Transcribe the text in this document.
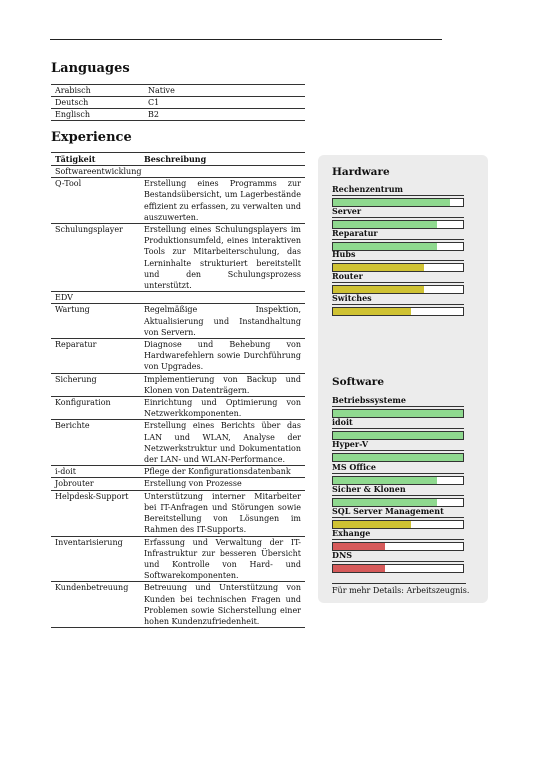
Languages
Arabisch	Native
Deutsch	C1
Englisch	B2
Experience
Tätigkeit	Beschreibung
Softwareentwicklung
Q-Tool	Erstellung eines Programms zur Bestandsübersicht, um Lagerbestände effizient zu erfassen, zu verwalten und auszuwerten.
Schulungsplayer	Erstellung eines Schulungsplayers im Produktionsumfeld, eines interaktiven Tools zur Mitarbeiterschulung, das Lerninhalte strukturiert bereitstellt und den Schulungsprozess unterstützt.
EDV
Wartung	Regelmäßige Inspektion, Aktualisierung und Instandhaltung von Servern.
Reparatur	Diagnose und Behebung von Hardwarefehlern sowie Durchführung von Upgrades.
Sicherung	Implementierung von Backup und Klonen von Datenträgern.
Konfiguration	Einrichtung und Optimierung von Netzwerkkomponenten.
Berichte	Erstellung eines Berichts über das LAN und WLAN, Analyse der Netzwerkstruktur und Dokumentation der LAN- und WLAN-Performance.
i-doit	Pflege der Konfigurationsdatenbank
Jobrouter	Erstellung von Prozesse
Helpdesk-Support	Unterstützung interner Mitarbeiter bei IT-Anfragen und Störungen sowie Bereitstellung von Lösungen im Rahmen des IT-Supports.
Inventarisierung	Erfassung und Verwaltung der IT-Infrastruktur zur besseren Übersicht und Kontrolle von Hard- und Softwarekomponenten.
Kundenbetreuung	Betreuung und Unterstützung von Kunden bei technischen Fragen und Problemen sowie Sicherstellung einer hohen Kundenzufriedenheit.
Hardware
Rechenzentrum
Server
Reparatur
Hubs
Router
Switches
Software
Betriebssysteme
idoit
Hyper-V
MS Office
Sicher & Klonen
SQL Server Management
Exhange
DNS
Für mehr Details: Arbeitszeugnis.
